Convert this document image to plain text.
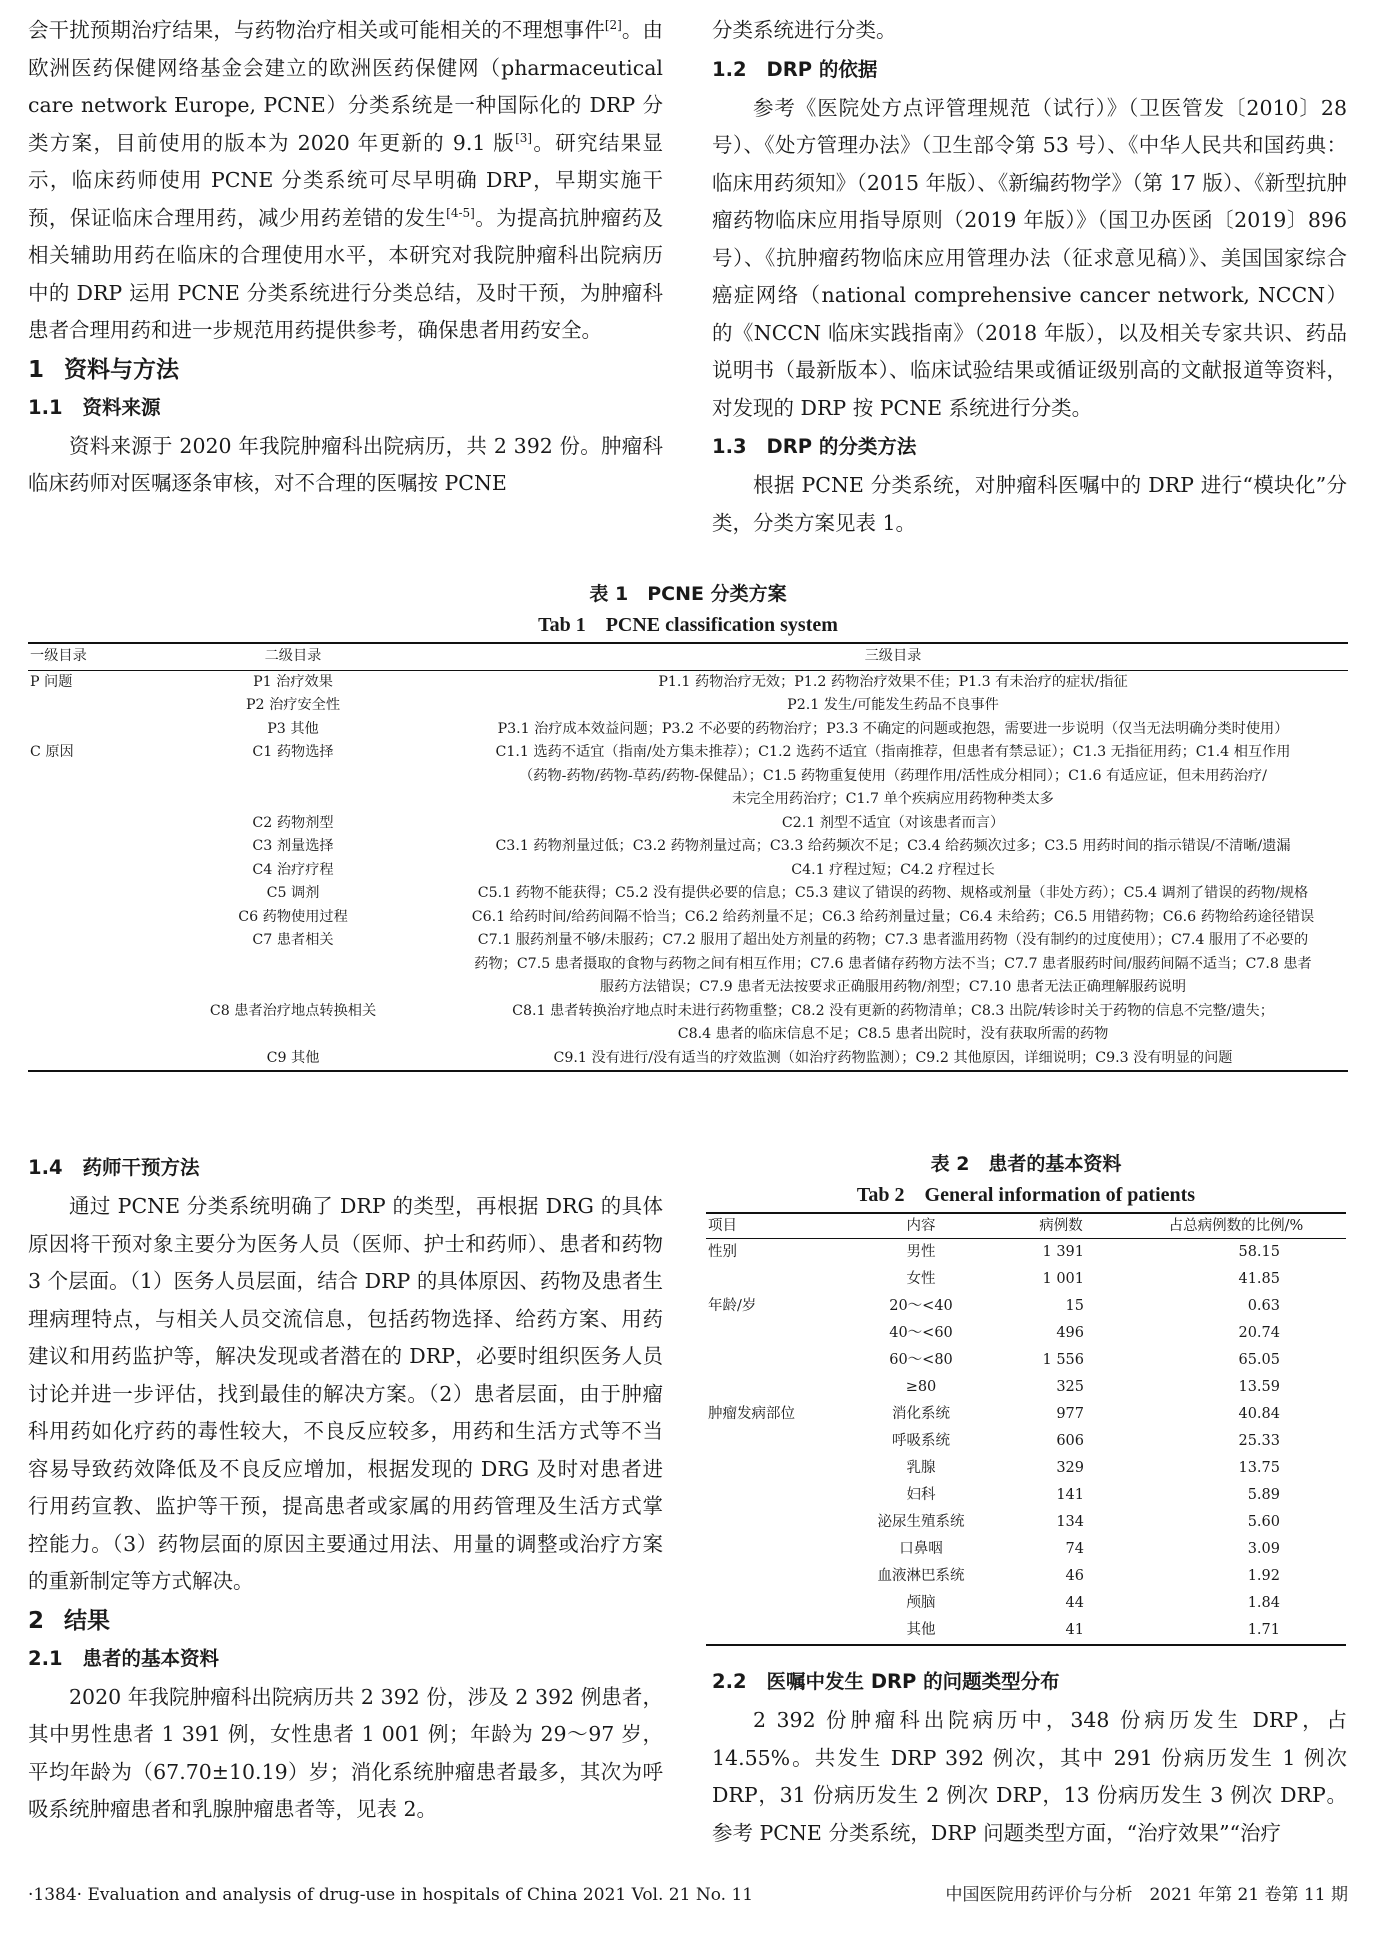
会干扰预期治疗结果，与药物治疗相关或可能相关的不理想事件[2]。由欧洲医药保健网络基金会建立的欧洲医药保健网（pharmaceutical care network Europe, PCNE）分类系统是一种国际化的 DRP 分类方案，目前使用的版本为 2020 年更新的 9.1 版[3]。研究结果显示，临床药师使用 PCNE 分类系统可尽早明确 DRP，早期实施干预，保证临床合理用药，减少用药差错的发生[4-5]。为提高抗肿瘤药及相关辅助用药在临床的合理使用水平，本研究对我院肿瘤科出院病历中的 DRP 运用 PCNE 分类系统进行分类总结，及时干预，为肿瘤科患者合理用药和进一步规范用药提供参考，确保患者用药安全。

1 资料与方法
1.1 资料来源

资料来源于 2020 年我院肿瘤科出院病历，共 2 392 份。肿瘤科临床药师对医嘱逐条审核，对不合理的医嘱按 PCNE

分类系统进行分类。

1.2 DRP 的依据

参考《医院处方点评管理规范（试行）》（卫医管发〔2010〕28 号）、《处方管理办法》（卫生部令第 53 号）、《中华人民共和国药典：临床用药须知》（2015 年版）、《新编药物学》（第 17 版）、《新型抗肿瘤药物临床应用指导原则（2019 年版）》（国卫办医函〔2019〕896 号）、《抗肿瘤药物临床应用管理办法（征求意见稿）》、美国国家综合癌症网络（national comprehensive cancer network, NCCN）的《NCCN 临床实践指南》（2018 年版），以及相关专家共识、药品说明书（最新版本）、临床试验结果或循证级别高的文献报道等资料，对发现的 DRP 按 PCNE 系统进行分类。

1.3 DRP 的分类方法

根据 PCNE 分类系统，对肿瘤科医嘱中的 DRP 进行“模块化”分类，分类方案见表 1。

表 1　PCNE 分类方案
Tab 1　PCNE classification system
一级目录	二级目录	三级目录
P 问题	P1 治疗效果	P1.1 药物治疗无效；P1.2 药物治疗效果不佳；P1.3 有未治疗的症状/指征
	P2 治疗安全性	P2.1 发生/可能发生药品不良事件
	P3 其他	P3.1 治疗成本效益问题；P3.2 不必要的药物治疗；P3.3 不确定的问题或抱怨，需要进一步说明（仅当无法明确分类时使用）
C 原因	C1 药物选择	C1.1 选药不适宜（指南/处方集未推荐）；C1.2 选药不适宜（指南推荐，但患者有禁忌证）；C1.3 无指征用药；C1.4 相互作用
		（药物-药物/药物-草药/药物-保健品）；C1.5 药物重复使用（药理作用/活性成分相同）；C1.6 有适应证，但未用药治疗/
		未完全用药治疗；C1.7 单个疾病应用药物种类太多
	C2 药物剂型	C2.1 剂型不适宜（对该患者而言）
	C3 剂量选择	C3.1 药物剂量过低；C3.2 药物剂量过高；C3.3 给药频次不足；C3.4 给药频次过多；C3.5 用药时间的指示错误/不清晰/遗漏
	C4 治疗疗程	C4.1 疗程过短；C4.2 疗程过长
	C5 调剂	C5.1 药物不能获得；C5.2 没有提供必要的信息；C5.3 建议了错误的药物、规格或剂量（非处方药）；C5.4 调剂了错误的药物/规格
	C6 药物使用过程	C6.1 给药时间/给药间隔不恰当；C6.2 给药剂量不足；C6.3 给药剂量过量；C6.4 未给药；C6.5 用错药物；C6.6 药物给药途径错误
	C7 患者相关	C7.1 服药剂量不够/未服药；C7.2 服用了超出处方剂量的药物；C7.3 患者滥用药物（没有制约的过度使用）；C7.4 服用了不必要的
		药物；C7.5 患者摄取的食物与药物之间有相互作用；C7.6 患者储存药物方法不当；C7.7 患者服药时间/服药间隔不适当；C7.8 患者
		服药方法错误；C7.9 患者无法按要求正确服用药物/剂型；C7.10 患者无法正确理解服药说明
	C8 患者治疗地点转换相关	C8.1 患者转换治疗地点时未进行药物重整；C8.2 没有更新的药物清单；C8.3 出院/转诊时关于药物的信息不完整/遗失；
		C8.4 患者的临床信息不足；C8.5 患者出院时，没有获取所需的药物
	C9 其他	C9.1 没有进行/没有适当的疗效监测（如治疗药物监测）；C9.2 其他原因，详细说明；C9.3 没有明显的问题
1.4 药师干预方法

通过 PCNE 分类系统明确了 DRP 的类型，再根据 DRG 的具体原因将干预对象主要分为医务人员（医师、护士和药师）、患者和药物 3 个层面。（1）医务人员层面，结合 DRP 的具体原因、药物及患者生理病理特点，与相关人员交流信息，包括药物选择、给药方案、用药建议和用药监护等，解决发现或者潜在的 DRP，必要时组织医务人员讨论并进一步评估，找到最佳的解决方案。（2）患者层面，由于肿瘤科用药如化疗药的毒性较大，不良反应较多，用药和生活方式等不当容易导致药效降低及不良反应增加，根据发现的 DRG 及时对患者进行用药宣教、监护等干预，提高患者或家属的用药管理及生活方式掌控能力。（3）药物层面的原因主要通过用法、用量的调整或治疗方案的重新制定等方式解决。

2 结果
2.1 患者的基本资料

2020 年我院肿瘤科出院病历共 2 392 份，涉及 2 392 例患者，其中男性患者 1 391 例，女性患者 1 001 例；年龄为 29～97 岁，平均年龄为（67.70±10.19）岁；消化系统肿瘤患者最多，其次为呼吸系统肿瘤患者和乳腺肿瘤患者等，见表 2。

表 2　患者的基本资料
Tab 2　General information of patients
项目	内容	病例数	占总病例数的比例/%
性别	男性	1 391	58.15
	女性	1 001	41.85
年龄/岁	20～<40	15	0.63
	40～<60	496	20.74
	60～<80	1 556	65.05
	≥80	325	13.59
肿瘤发病部位	消化系统	977	40.84
	呼吸系统	606	25.33
	乳腺	329	13.75
	妇科	141	5.89
	泌尿生殖系统	134	5.60
	口鼻咽	74	3.09
	血液淋巴系统	46	1.92
	颅脑	44	1.84
	其他	41	1.71
2.2 医嘱中发生 DRP 的问题类型分布

2 392 份肿瘤科出院病历中，348 份病历发生 DRP，占 14.55%。共发生 DRP 392 例次，其中 291 份病历发生 1 例次 DRP，31 份病历发生 2 例次 DRP，13 份病历发生 3 例次 DRP。参考 PCNE 分类系统，DRP 问题类型方面，“治疗效果”“治疗

·1384· Evaluation and analysis of drug-use in hospitals of China 2021 Vol. 21 No. 11	中国医院用药评价与分析　2021 年第 21 卷第 11 期
